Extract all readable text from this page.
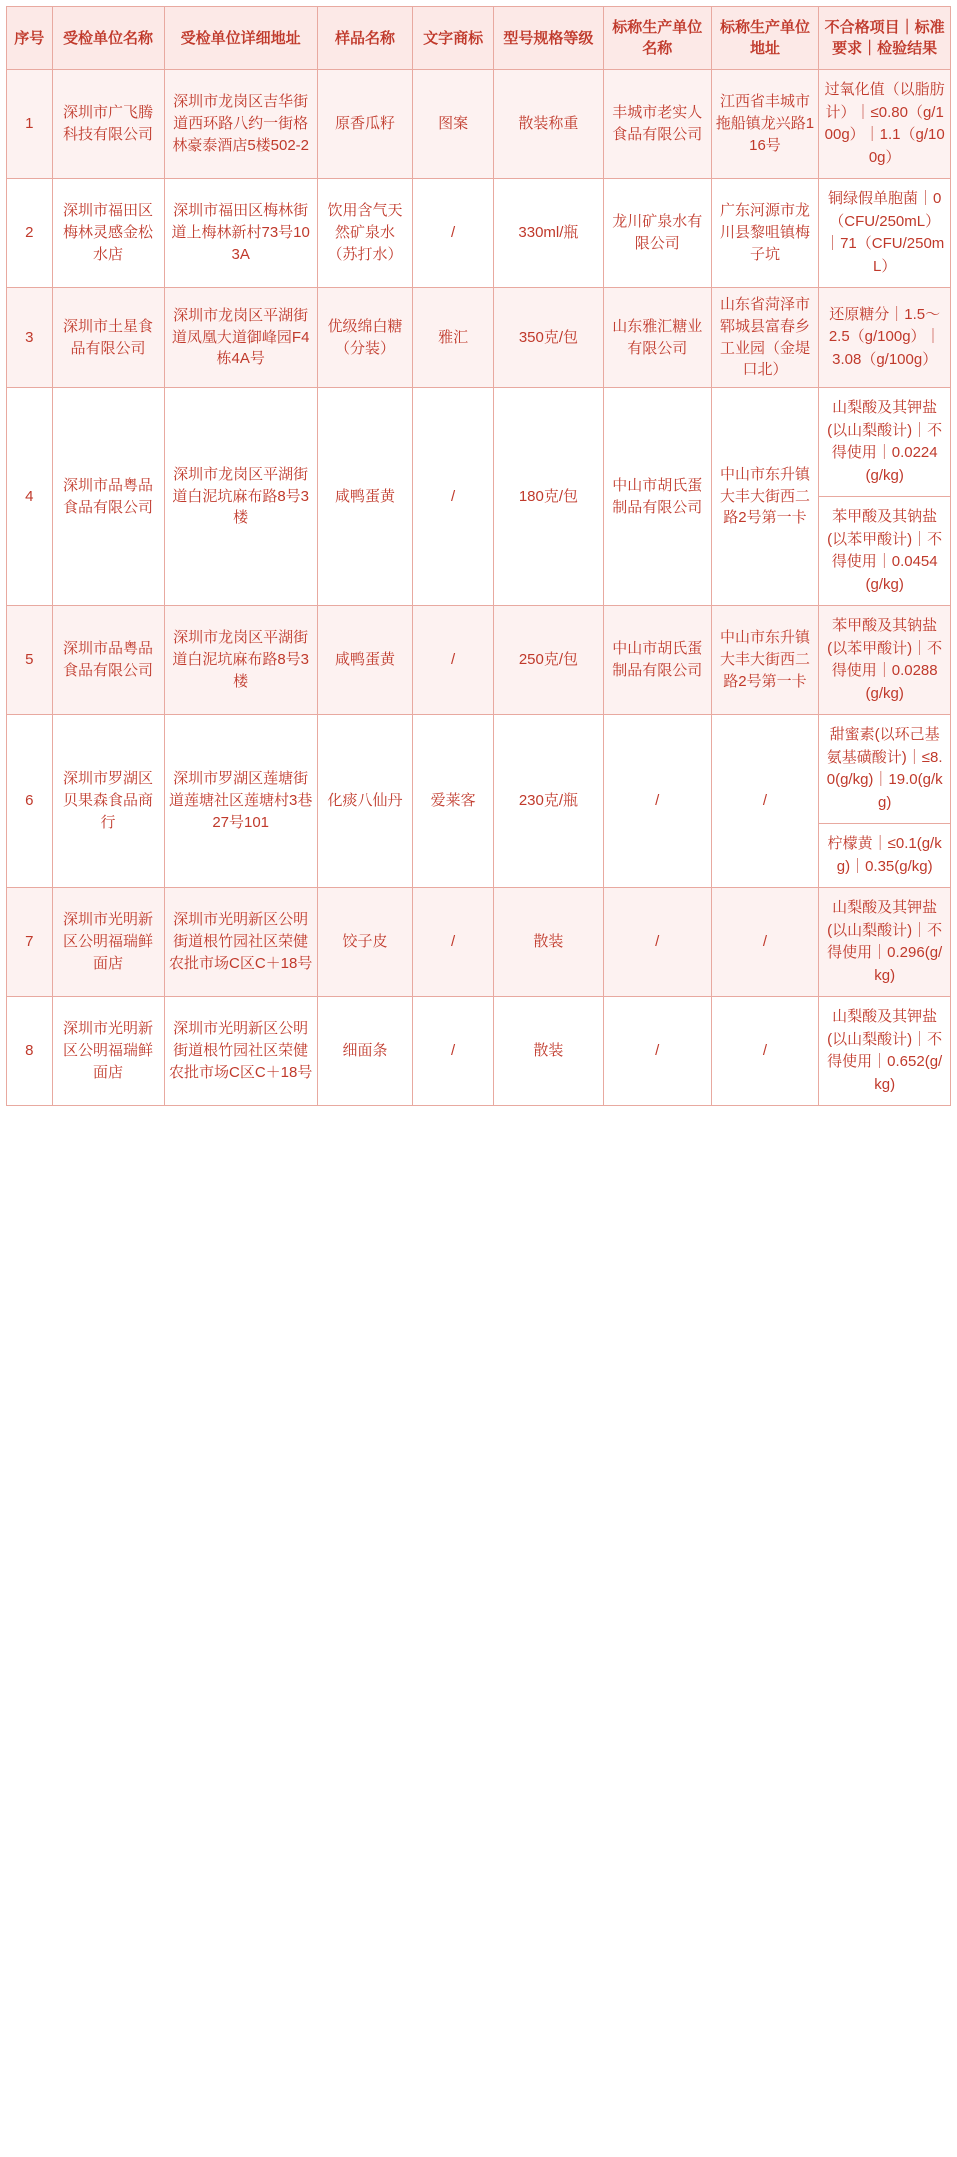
序号	受检单位名称	受检单位详细地址	样品名称	文字商标	型号规格等级	标称生产单位名称	标称生产单位地址	不合格项目｜标准要求｜检验结果
1	深圳市广飞腾科技有限公司	深圳市龙岗区吉华街道西环路八约一街格林豪泰酒店5楼502-2	原香瓜籽	图案	散装称重	丰城市老实人食品有限公司	江西省丰城市拖船镇龙兴路116号	过氧化值（以脂肪计）｜≤0.80（g/100g）｜1.1（g/100g）

2	深圳市福田区梅林灵感金松水店	深圳市福田区梅林街道上梅林新村73号103A	饮用含气天然矿泉水（苏打水）	/	330ml/瓶	龙川矿泉水有限公司	广东河源市龙川县黎咀镇梅子坑	铜绿假单胞菌｜0（CFU/250mL）｜71（CFU/250mL）

3	深圳市土星食品有限公司	深圳市龙岗区平湖街道凤凰大道御峰园F4栋4A号	优级绵白糖（分装）	雅汇	350克/包	山东雅汇糖业有限公司	山东省菏泽市郓城县富春乡工业园（金堤口北）	还原糖分｜1.5～2.5（g/100g）｜3.08（g/100g）

4	深圳市品粤品食品有限公司	深圳市龙岗区平湖街道白泥坑麻布路8号3楼	咸鸭蛋黄	/	180克/包	中山市胡氏蛋制品有限公司	中山市东升镇大丰大街西二路2号第一卡	山梨酸及其钾盐(以山梨酸计)｜不得使用｜0.0224(g/kg)
苯甲酸及其钠盐(以苯甲酸计)｜不得使用｜0.0454(g/kg)

5	深圳市品粤品食品有限公司	深圳市龙岗区平湖街道白泥坑麻布路8号3楼	咸鸭蛋黄	/	250克/包	中山市胡氏蛋制品有限公司	中山市东升镇大丰大街西二路2号第一卡	苯甲酸及其钠盐(以苯甲酸计)｜不得使用｜0.0288(g/kg)

6	深圳市罗湖区贝果森食品商行	深圳市罗湖区莲塘街道莲塘社区莲塘村3巷27号101	化痰八仙丹	爱莱客	230克/瓶	/	/	甜蜜素(以环己基氨基磺酸计)｜≤8.0(g/kg)｜19.0(g/kg)
柠檬黄｜≤0.1(g/kg)｜0.35(g/kg)

7	深圳市光明新区公明福瑞鲜面店	深圳市光明新区公明街道根竹园社区荣健农批市场C区C＋18号	饺子皮	/	散装	/	/	山梨酸及其钾盐(以山梨酸计)｜不得使用｜0.296(g/kg)

8	深圳市光明新区公明福瑞鲜面店	深圳市光明新区公明街道根竹园社区荣健农批市场C区C＋18号	细面条	/	散装	/	/	山梨酸及其钾盐(以山梨酸计)｜不得使用｜0.652(g/kg)
